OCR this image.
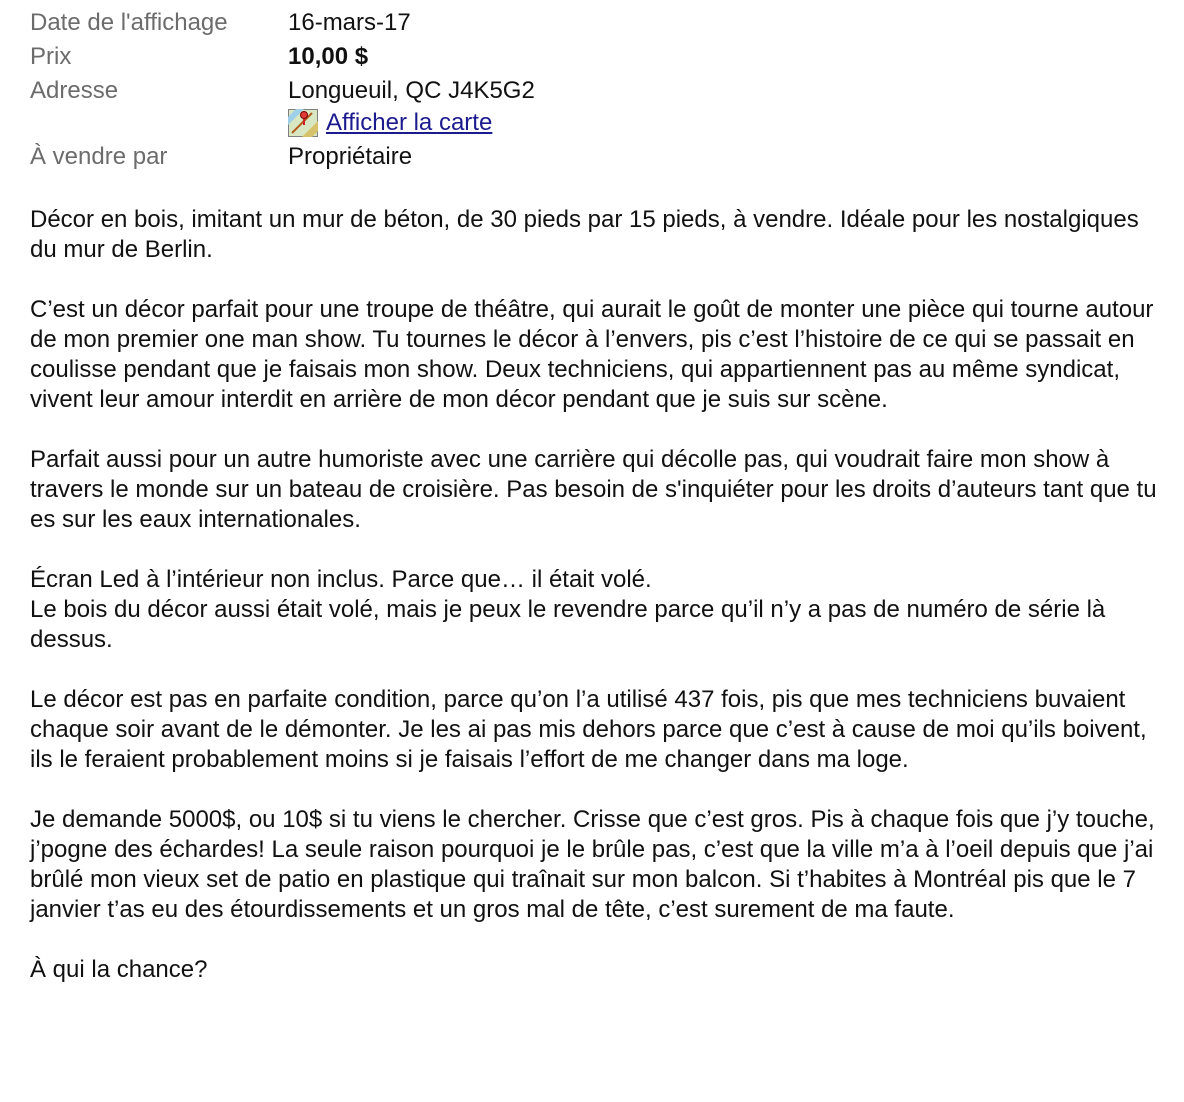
Date de l'affichage	16-mars-17
Prix	10,00 $
Adresse	Longueuil, QC J4K5G2
Afficher la carte
À vendre par	Propriétaire

Décor en bois, imitant un mur de béton, de 30 pieds par 15 pieds, à vendre. Idéale pour les nostalgiques du mur de Berlin.

C’est un décor parfait pour une troupe de théâtre, qui aurait le goût de monter une pièce qui tourne autour de mon premier one man show. Tu tournes le décor à l’envers, pis c’est l’histoire de ce qui se passait en coulisse pendant que je faisais mon show. Deux techniciens, qui appartiennent pas au même syndicat, vivent leur amour interdit en arrière de mon décor pendant que je suis sur scène.

Parfait aussi pour un autre humoriste avec une carrière qui décolle pas, qui voudrait faire mon show à travers le monde sur un bateau de croisière. Pas besoin de s'inquiéter pour les droits d’auteurs tant que tu es sur les eaux internationales.

Écran Led à l’intérieur non inclus. Parce que… il était volé.
Le bois du décor aussi était volé, mais je peux le revendre parce qu’il n’y a pas de numéro de série là dessus.

Le décor est pas en parfaite condition, parce qu’on l’a utilisé 437 fois, pis que mes techniciens buvaient chaque soir avant de le démonter. Je les ai pas mis dehors parce que c’est à cause de moi qu’ils boivent, ils le feraient probablement moins si je faisais l’effort de me changer dans ma loge.

Je demande 5000$, ou 10$ si tu viens le chercher. Crisse que c’est gros. Pis à chaque fois que j’y touche, j’pogne des échardes! La seule raison pourquoi je le brûle pas, c’est que la ville m’a à l’oeil depuis que j’ai brûlé mon vieux set de patio en plastique qui traînait sur mon balcon. Si t’habites à Montréal pis que le 7 janvier t’as eu des étourdissements et un gros mal de tête, c’est surement de ma faute.

À qui la chance?
